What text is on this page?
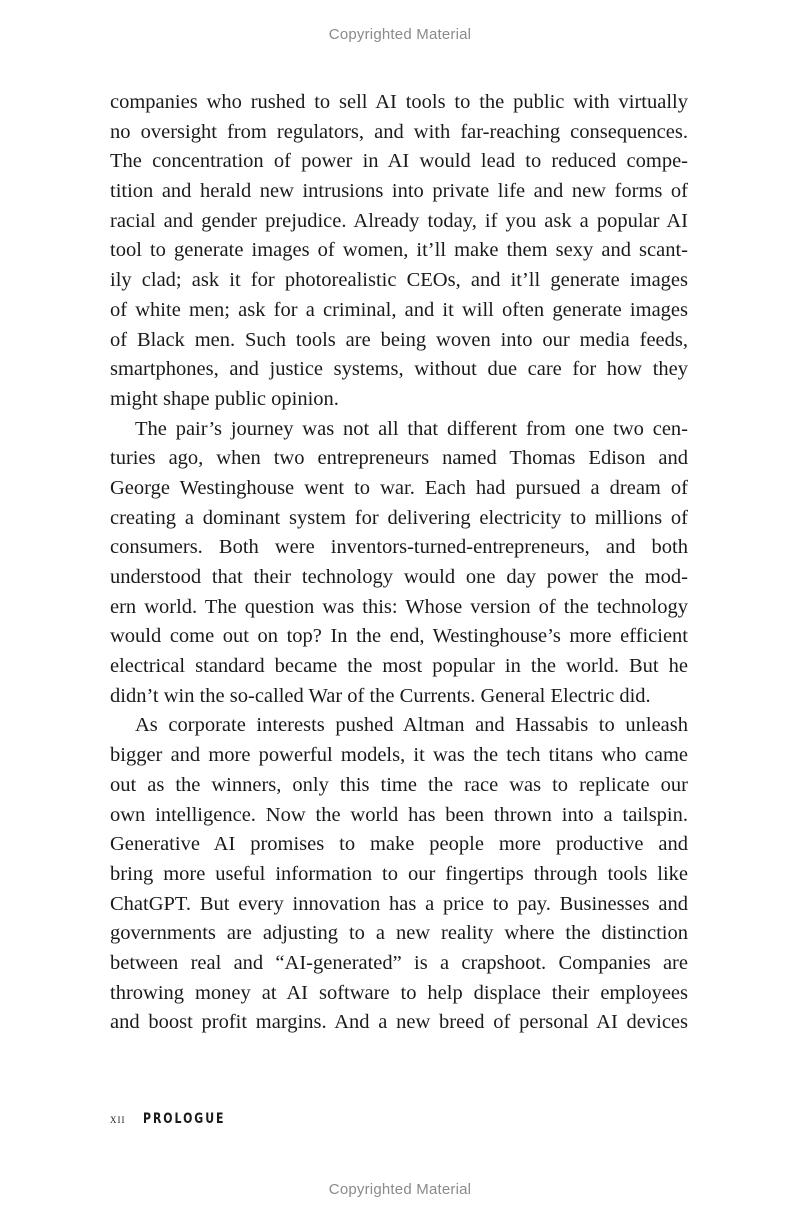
Copyrighted Material
companies who rushed to sell AI tools to the public with virtually
no oversight from regulators, and with far-reaching consequences.
The concentration of power in AI would lead to reduced compe-
tition and herald new intrusions into private life and new forms of
racial and gender prejudice. Already today, if you ask a popular AI
tool to generate images of women, it’ll make them sexy and scant-
ily clad; ask it for photorealistic CEOs, and it’ll generate images
of white men; ask for a criminal, and it will often generate images
of Black men. Such tools are being woven into our media feeds,
smartphones, and justice systems, without due care for how they
might shape public opinion.
The pair’s journey was not all that different from one two cen-
turies ago, when two entrepreneurs named Thomas Edison and
George Westinghouse went to war. Each had pursued a dream of
creating a dominant system for delivering electricity to millions of
consumers. Both were inventors-turned-entrepreneurs, and both
understood that their technology would one day power the mod-
ern world. The question was this: Whose version of the technology
would come out on top? In the end, Westinghouse’s more efficient
electrical standard became the most popular in the world. But he
didn’t win the so-called War of the Currents. General Electric did.
As corporate interests pushed Altman and Hassabis to unleash
bigger and more powerful models, it was the tech titans who came
out as the winners, only this time the race was to replicate our
own intelligence. Now the world has been thrown into a tailspin.
Generative AI promises to make people more productive and
bring more useful information to our fingertips through tools like
ChatGPT. But every innovation has a price to pay. Businesses and
governments are adjusting to a new reality where the distinction
between real and “AI-generated” is a crapshoot. Companies are
throwing money at AI software to help displace their employees
and boost profit margins. And a new breed of personal AI devices
xii PROLOGUE
Copyrighted Material
